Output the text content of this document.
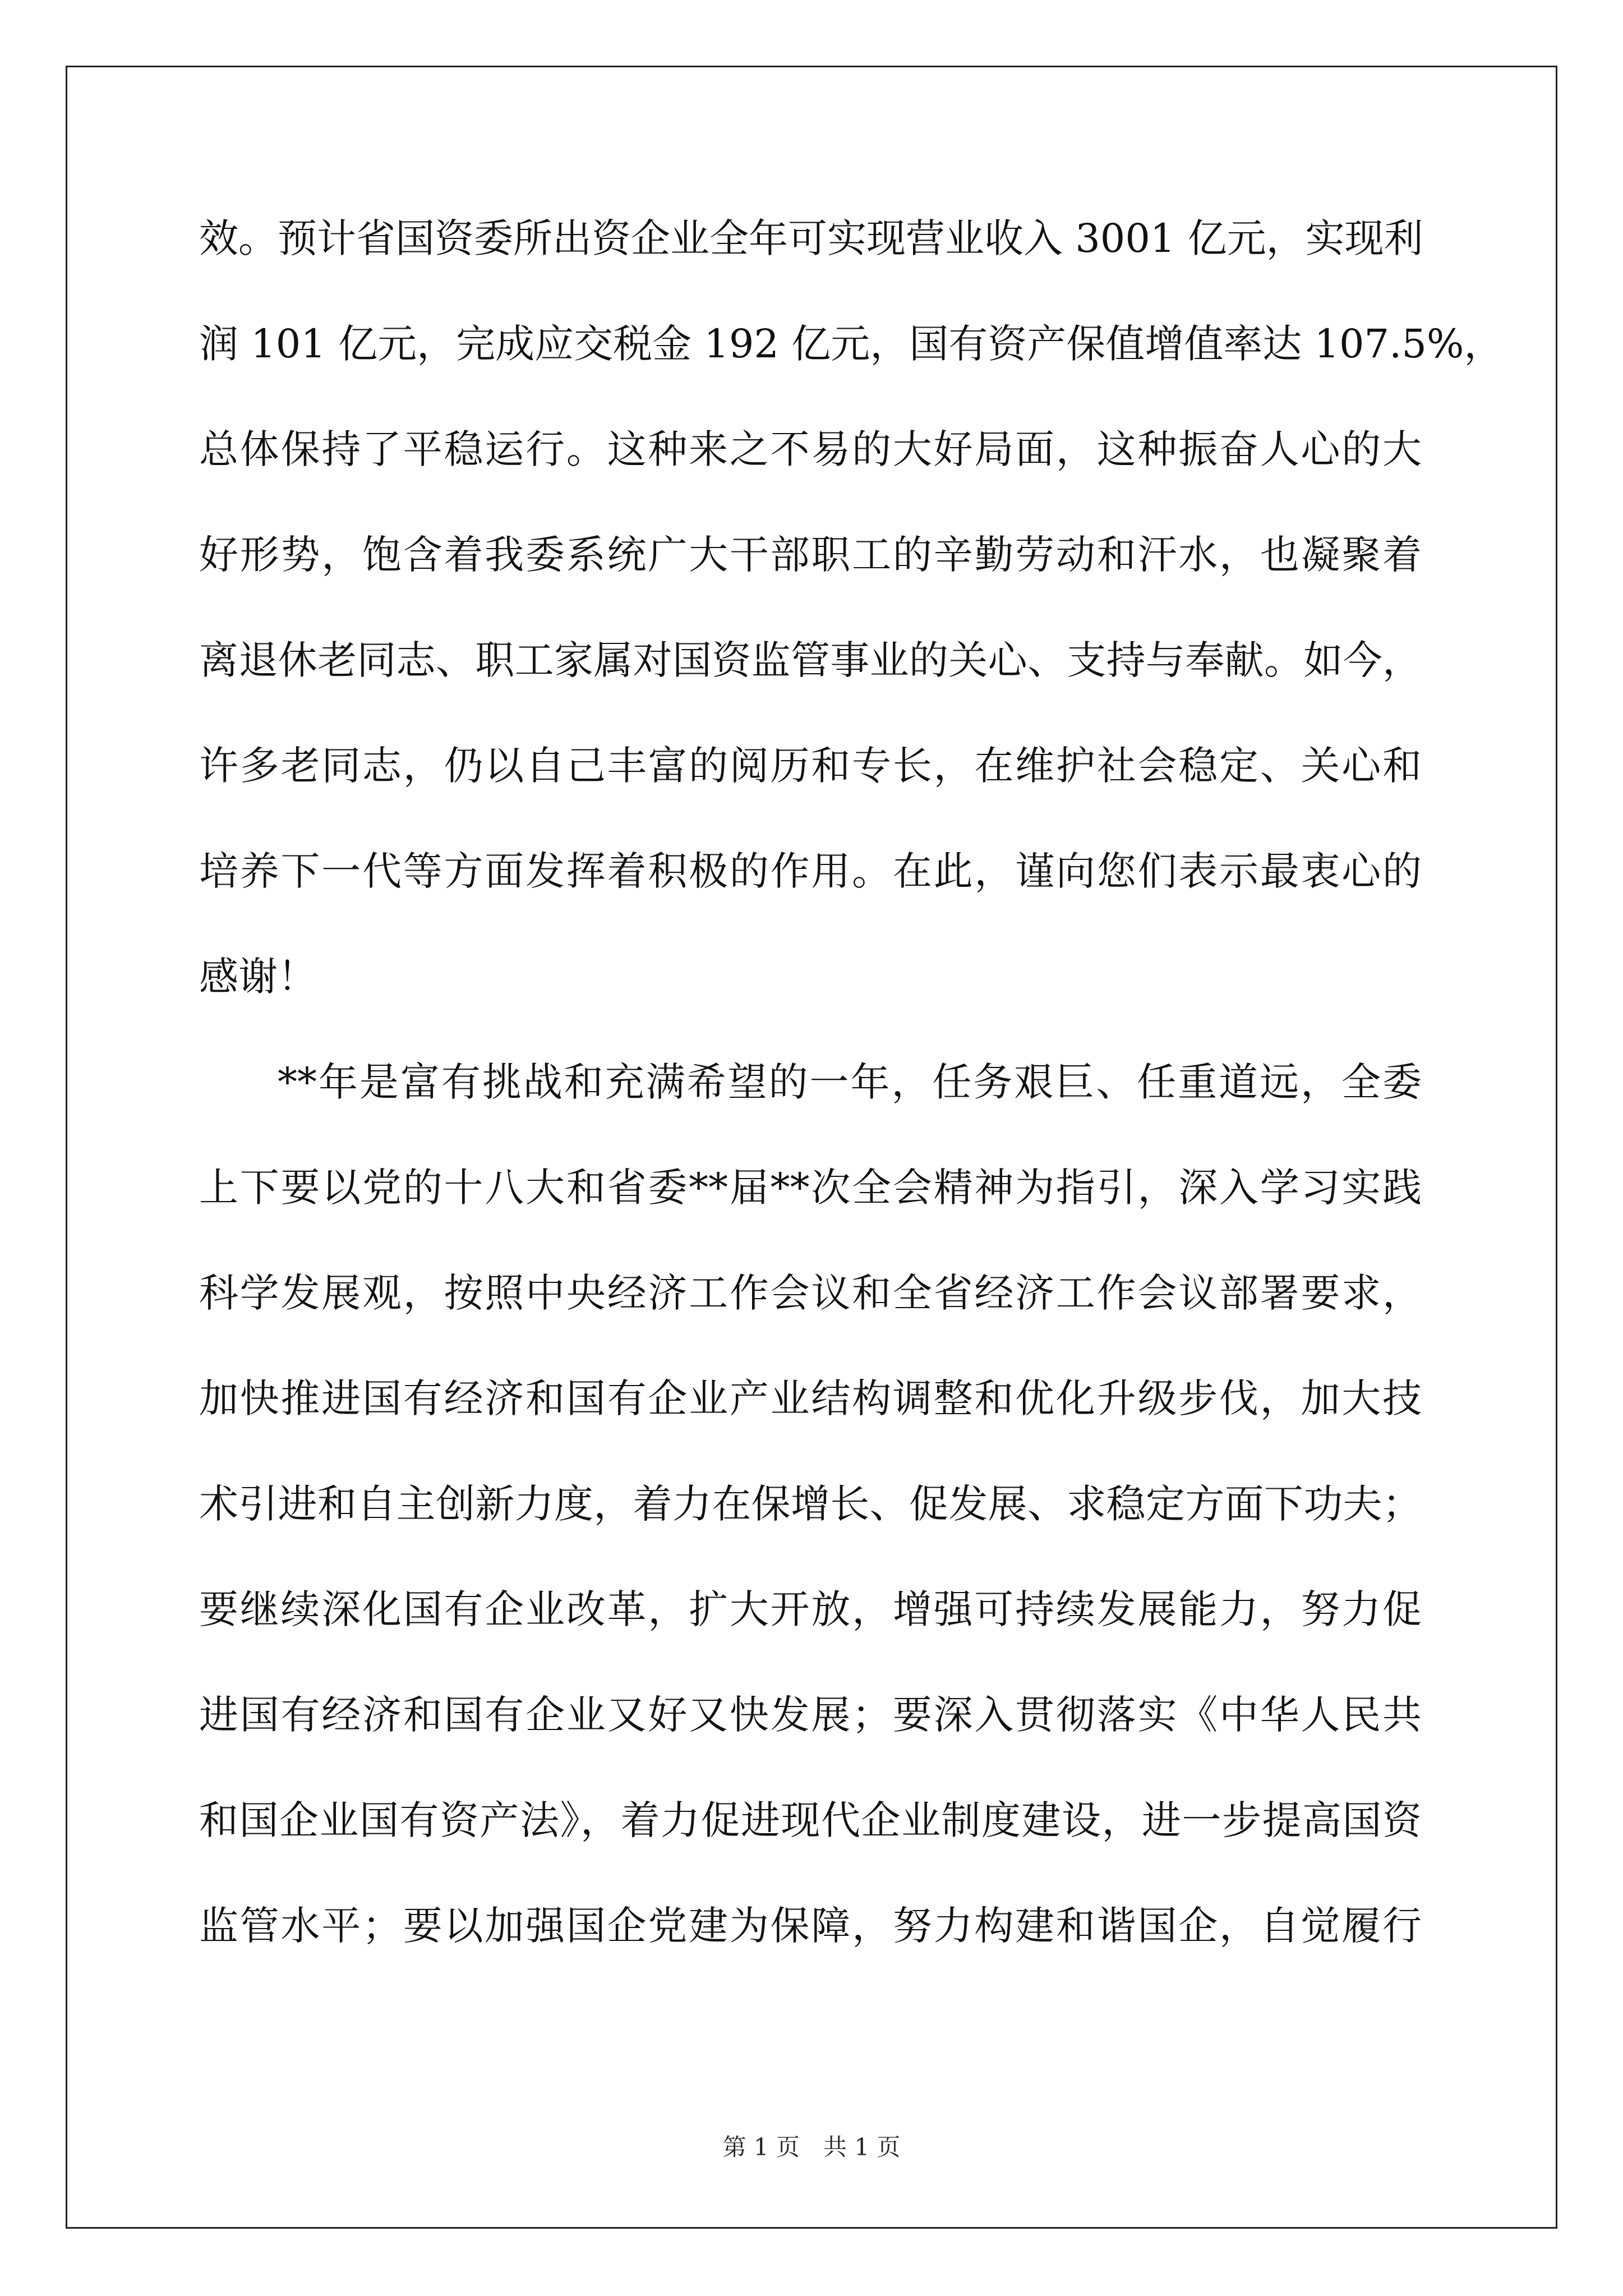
效。预计省国资委所出资企业全年可实现营业收入 3001 亿元，实现利
润 101 亿元，完成应交税金 192 亿元，国有资产保值增值率达 107.5%，
总体保持了平稳运行。这种来之不易的大好局面，这种振奋人心的大
好形势，饱含着我委系统广大干部职工的辛勤劳动和汗水，也凝聚着
离退休老同志、职工家属对国资监管事业的关心、支持与奉献。如今，
许多老同志，仍以自己丰富的阅历和专长，在维护社会稳定、关心和
培养下一代等方面发挥着积极的作用。在此，谨向您们表示最衷心的
感谢！
**年是富有挑战和充满希望的一年，任务艰巨、任重道远，全委
上下要以党的十八大和省委**届**次全会精神为指引，深入学习实践
科学发展观，按照中央经济工作会议和全省经济工作会议部署要求，
加快推进国有经济和国有企业产业结构调整和优化升级步伐，加大技
术引进和自主创新力度，着力在保增长、促发展、求稳定方面下功夫；
要继续深化国有企业改革，扩大开放，增强可持续发展能力，努力促
进国有经济和国有企业又好又快发展；要深入贯彻落实《中华人民共
和国企业国有资产法》，着力促进现代企业制度建设，进一步提高国资
监管水平；要以加强国企党建为保障，努力构建和谐国企，自觉履行
第 1 页　共 1 页
